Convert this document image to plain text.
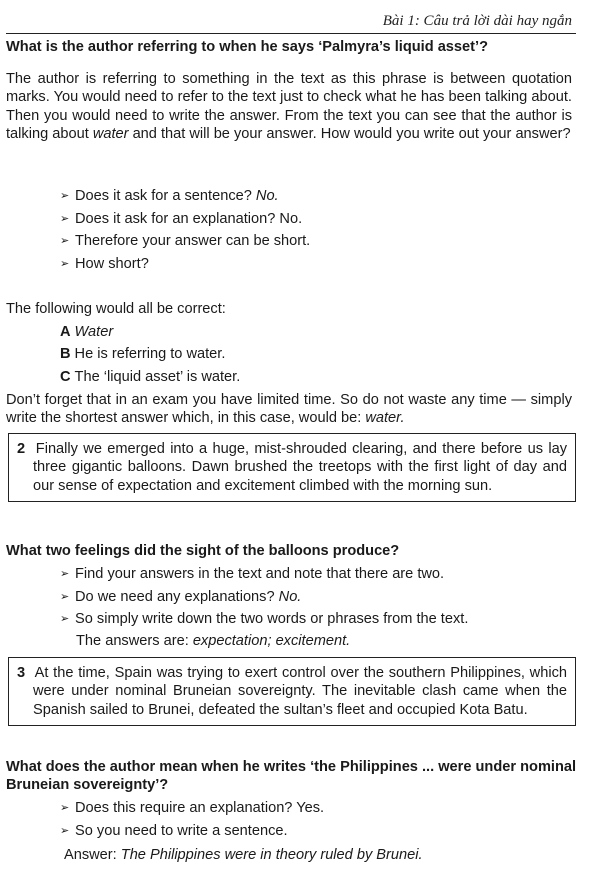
Bài 1: Câu trả lời dài hay ngắn
What is the author referring to when he says ‘Palmyra’s liquid asset’?
The author is referring to something in the text as this phrase is between quotation marks. You would need to refer to the text just to check what he has been talking about. Then you would need to write the answer. From the text you can see that the author is talking about water and that will be your answer. How would you write out your answer?
➢ Does it ask for a sentence? No.
➢ Does it ask for an explanation? No.
➢ Therefore your answer can be short.
➢ How short?
The following would all be correct:
A Water
B He is referring to water.
C The ‘liquid asset’ is water.
Don’t forget that in an exam you have limited time. So do not waste any time — simply write the shortest answer which, in this case, would be: water.
2 Finally we emerged into a huge, mist-shrouded clearing, and there before us lay three gigantic balloons. Dawn brushed the treetops with the first light of day and our sense of expectation and excitement climbed with the morning sun.
What two feelings did the sight of the balloons produce?
➢ Find your answers in the text and note that there are two.
➢ Do we need any explanations? No.
➢ So simply write down the two words or phrases from the text.
The answers are: expectation; excitement.
3 At the time, Spain was trying to exert control over the southern Philippines, which were under nominal Bruneian sovereignty. The inevitable clash came when the Spanish sailed to Brunei, defeated the sultan’s fleet and occupied Kota Batu.
What does the author mean when he writes ‘the Philippines ... were under nominal Bruneian sovereignty’?
➢ Does this require an explanation? Yes.
➢ So you need to write a sentence.
Answer: The Philippines were in theory ruled by Brunei.
